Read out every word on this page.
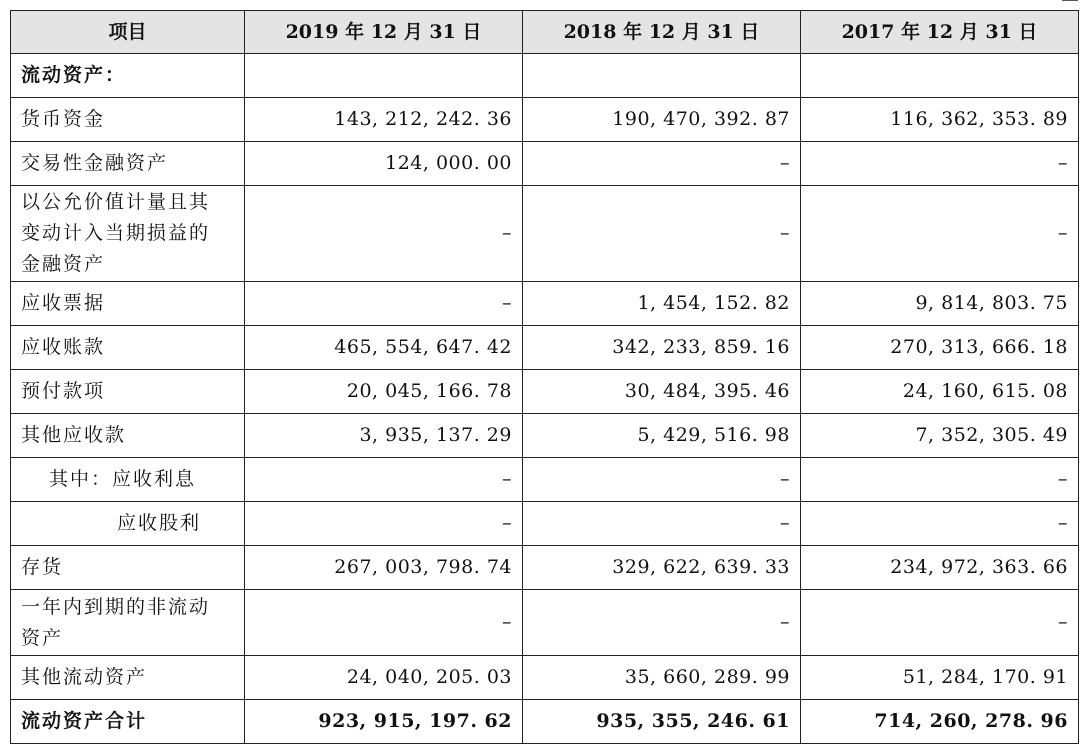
项目	2019 年 12 月 31 日	2018 年 12 月 31 日	2017 年 12 月 31 日
流动资产：			
货币资金	143, 212, 242. 36	190, 470, 392. 87	116, 362, 353. 89
交易性金融资产	124, 000. 00	–	–
以公允价值计量且其
变动计入当期损益的
金融资产	–	–	–
应收票据	–	1, 454, 152. 82	9, 814, 803. 75
应收账款	465, 554, 647. 42	342, 233, 859. 16	270, 313, 666. 18
预付款项	20, 045, 166. 78	30, 484, 395. 46	24, 160, 615. 08
其他应收款	3, 935, 137. 29	5, 429, 516. 98	7, 352, 305. 49
其中：应收利息	–	–	–
应收股利	–	–	–
存货	267, 003, 798. 74	329, 622, 639. 33	234, 972, 363. 66
一年内到期的非流动
资产	–	–	–
其他流动资产	24, 040, 205. 03	35, 660, 289. 99	51, 284, 170. 91
流动资产合计	923, 915, 197. 62	935, 355, 246. 61	714, 260, 278. 96
